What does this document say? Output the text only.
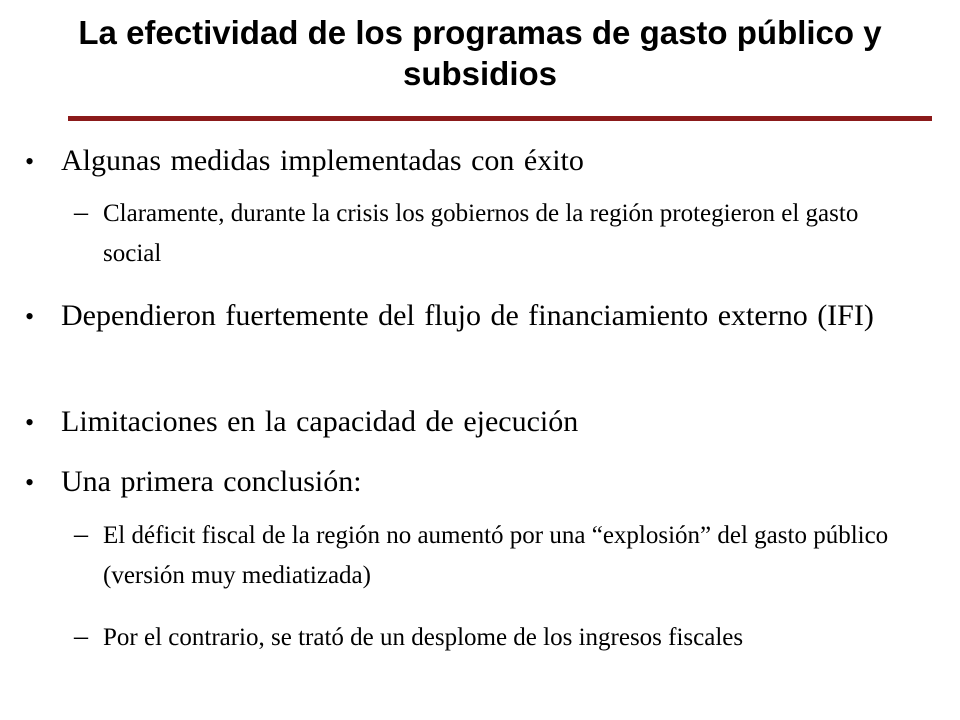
La efectividad de los programas de gasto público y subsidios
• Algunas medidas implementadas con éxito
– Claramente, durante la crisis los gobiernos de la región protegieron el gasto social
• Dependieron fuertemente del flujo de financiamiento externo (IFI)
• Limitaciones en la capacidad de ejecución
• Una primera conclusión:
– El déficit fiscal de la región no aumentó por una “explosión” del gasto público (versión muy mediatizada)
– Por el contrario, se trató de un desplome de los ingresos fiscales
